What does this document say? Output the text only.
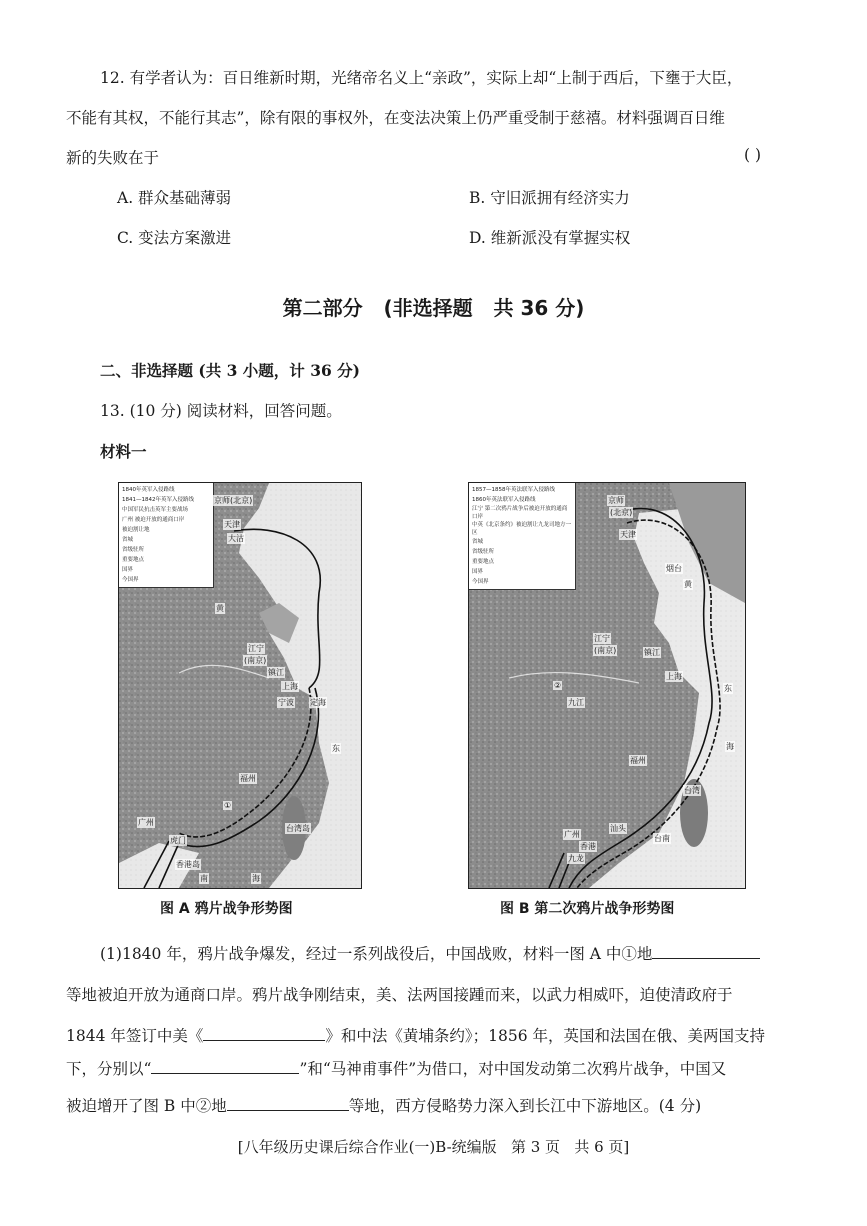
12. 有学者认为：百日维新时期，光绪帝名义上“亲政”，实际上却“上制于西后，下壅于大臣，
不能有其权，不能行其志”，除有限的事权外，在变法决策上仍严重受制于慈禧。材料强调百日维
新的失败在于	( )
A. 群众基础薄弱	B. 守旧派拥有经济实力
C. 变法方案激进	D. 维新派没有掌握实权
第二部分   (非选择题   共 36 分)
二、非选择题 (共 3 小题，计 36 分)
13. (10 分) 阅读材料，回答问题。
材料一
1840年英军入侵路线
1841—1842年英军入侵路线
中国军民抗击英军主要战场
广州 被迫开放的通商口岸
被迫割让地
省城
省级驻所
重要地点
国界
今国界
京师(北京)
天津
大沽
江宁
(南京)
镇江
上海
宁波 定海
福州
①
广州
虎门
香港岛
台湾岛
黄
东
南	海
图 A 鸦片战争形势图
1857—1858年英法联军入侵路线
1860年英法联军入侵路线
江宁 第二次鸦片战争后被迫开放的通商口岸
中英《北京条约》被迫割让九龙司地方一区
省城
省级驻所
重要地点
国界
今国界
京师
(北京)
天津
烟台
江宁
(南京)	镇江
上海
②
九江
福州
汕头
广州
九龙
香港
台湾
台南
黄
东
海
图 B 第二次鸦片战争形势图
(1)1840 年，鸦片战争爆发，经过一系列战役后，中国战败，材料一图 A 中①地
等地被迫开放为通商口岸。鸦片战争刚结束，美、法两国接踵而来，以武力相威吓，迫使清政府于
1844 年签订中美《	》和中法《黄埔条约》；1856 年，英国和法国在俄、美两国支持
下，分别以“	”和“马神甫事件”为借口，对中国发动第二次鸦片战争，中国又
被迫增开了图 B 中②地	等地，西方侵略势力深入到长江中下游地区。(4 分)
[八年级历史课后综合作业(一)B-统编版   第 3 页   共 6 页]
